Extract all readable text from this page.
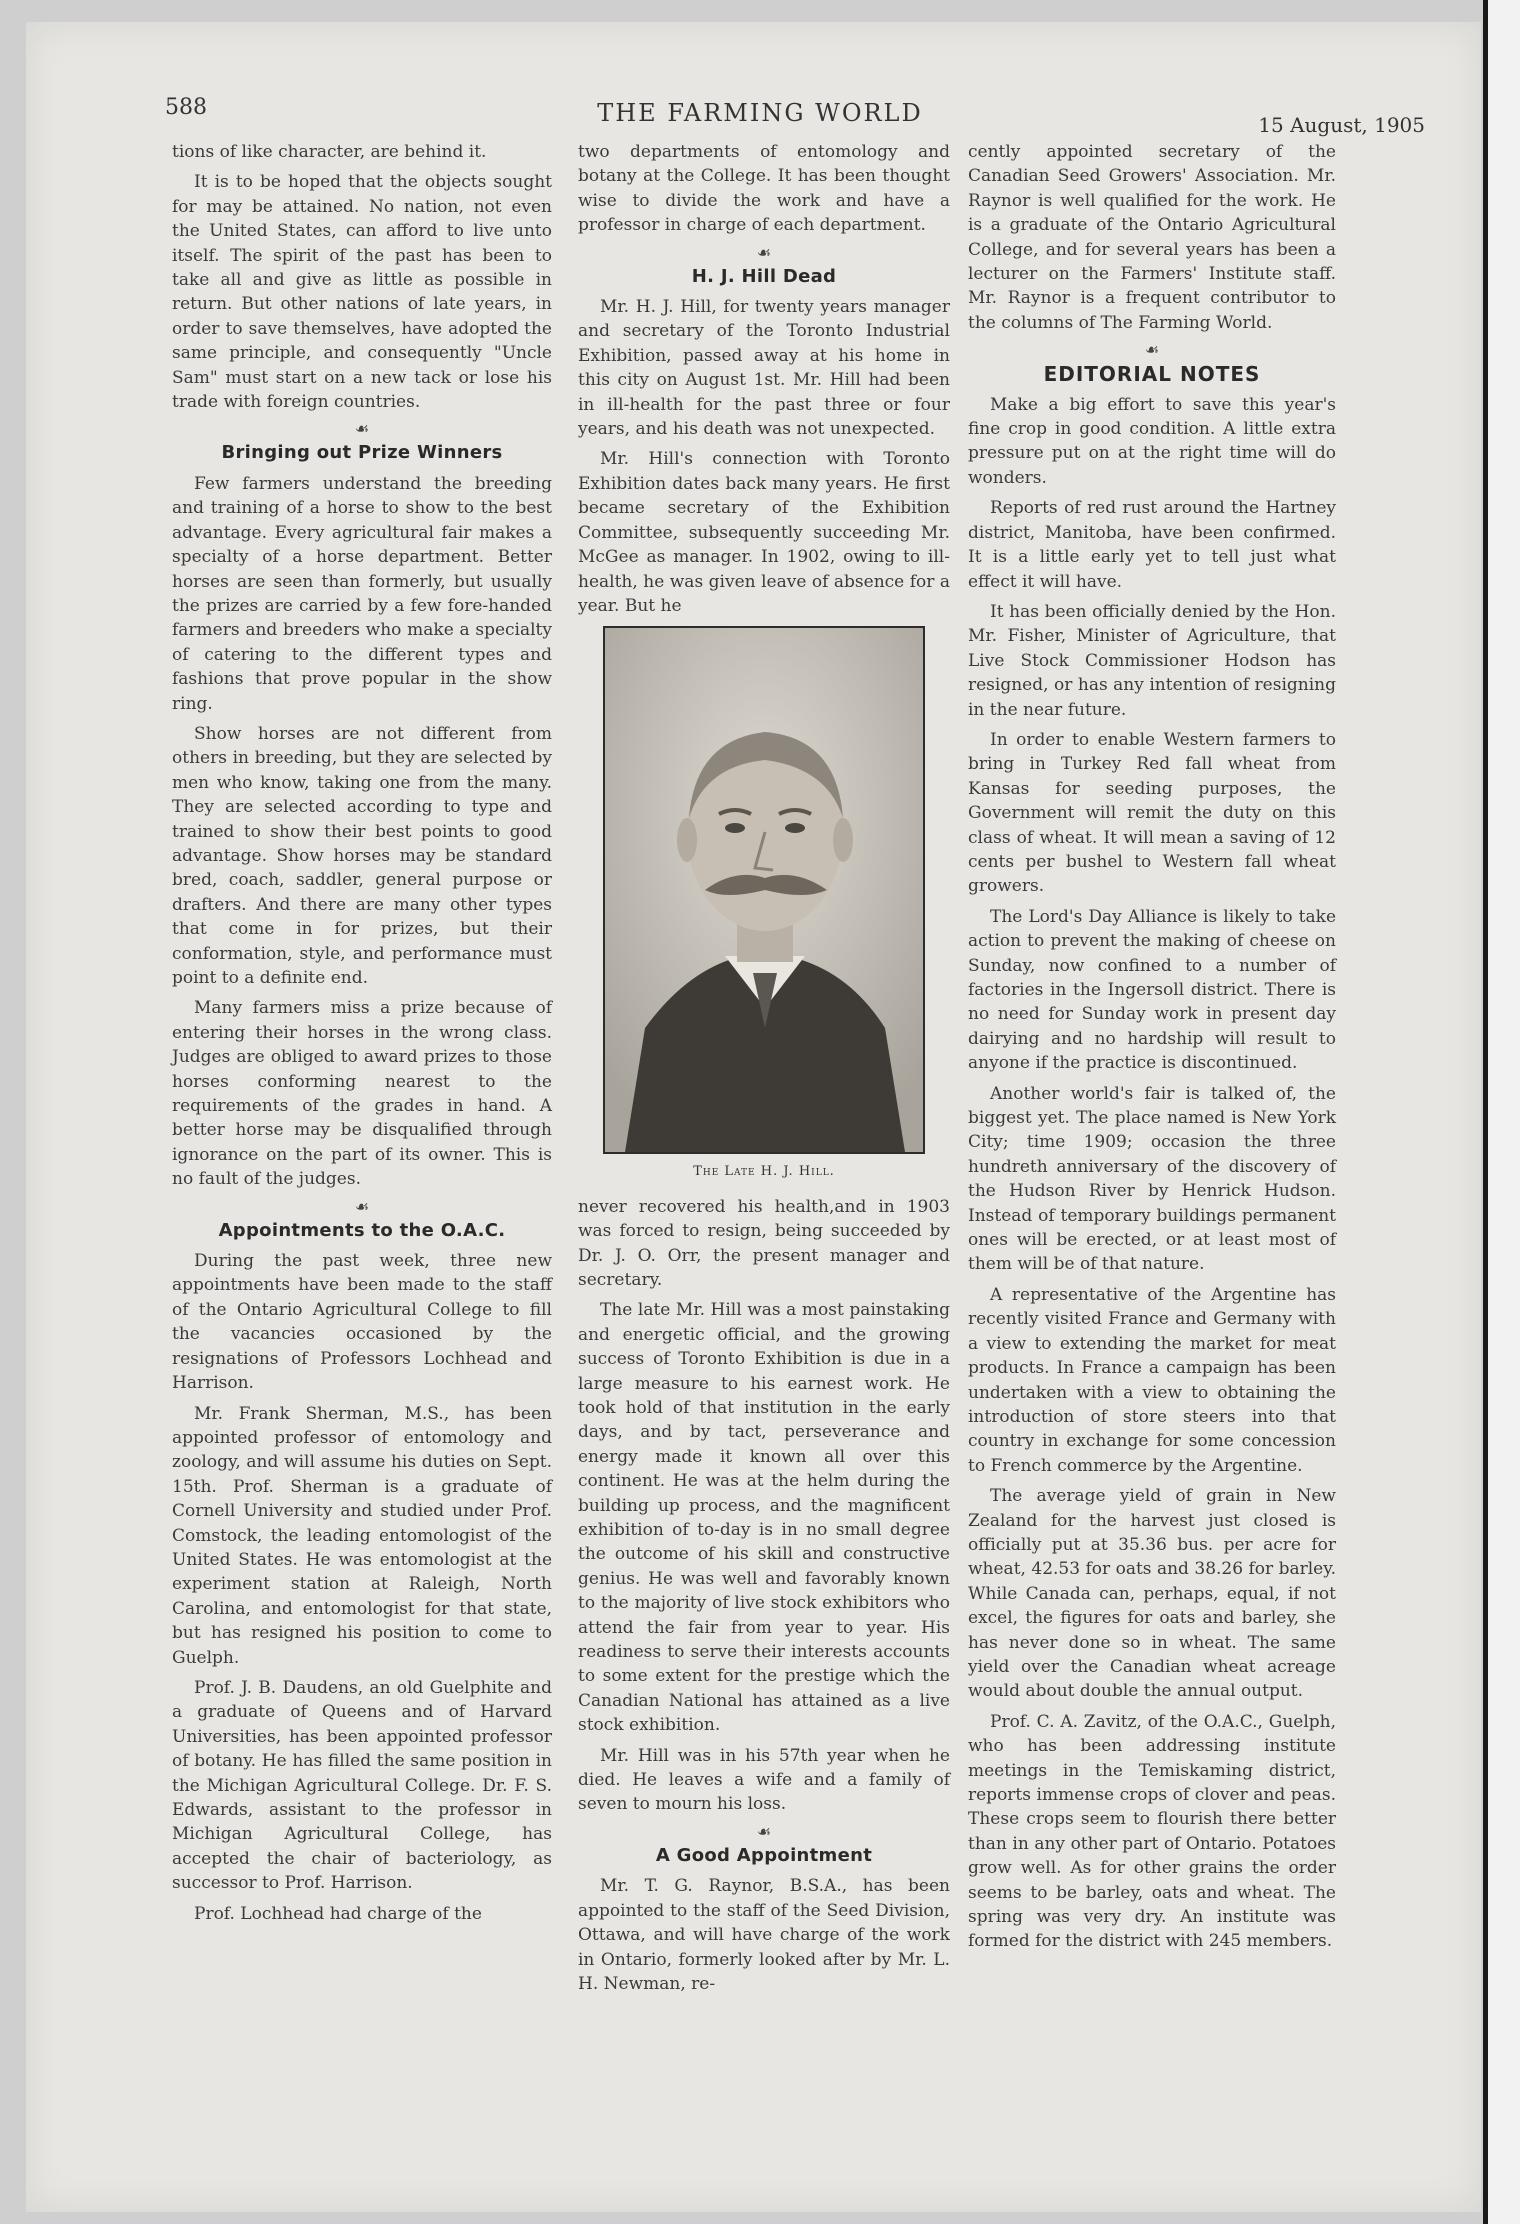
588	THE FARMING WORLD	15 August, 1905

tions of like character, are behind it.

It is to be hoped that the objects sought for may be attained. No nation, not even the United States, can afford to live unto itself. The spirit of the past has been to take all and give as little as possible in return. But other nations of late years, in order to save themselves, have adopted the same principle, and consequently "Uncle Sam" must start on a new tack or lose his trade with foreign countries.

☙
Bringing out Prize Winners

Few farmers understand the breeding and training of a horse to show to the best advantage. Every agricultural fair makes a specialty of a horse department. Better horses are seen than formerly, but usually the prizes are carried by a few fore-handed farmers and breeders who make a specialty of catering to the different types and fashions that prove popular in the show ring.

Show horses are not different from others in breeding, but they are selected by men who know, taking one from the many. They are selected according to type and trained to show their best points to good advantage. Show horses may be standard bred, coach, saddler, general purpose or drafters. And there are many other types that come in for prizes, but their conformation, style, and performance must point to a definite end.

Many farmers miss a prize because of entering their horses in the wrong class. Judges are obliged to award prizes to those horses conforming nearest to the requirements of the grades in hand. A better horse may be disqualified through ignorance on the part of its owner. This is no fault of the judges.

☙
Appointments to the O.A.C.

During the past week, three new appointments have been made to the staff of the Ontario Agricultural College to fill the vacancies occasioned by the resignations of Professors Lochhead and Harrison.

Mr. Frank Sherman, M.S., has been appointed professor of entomology and zoology, and will assume his duties on Sept. 15th. Prof. Sherman is a graduate of Cornell University and studied under Prof. Comstock, the leading entomologist of the United States. He was entomologist at the experiment station at Raleigh, North Carolina, and entomologist for that state, but has resigned his position to come to Guelph.

Prof. J. B. Daudens, an old Guelphite and a graduate of Queens and of Harvard Universities, has been appointed professor of botany. He has filled the same position in the Michigan Agricultural College. Dr. F. S. Edwards, assistant to the professor in Michigan Agricultural College, has accepted the chair of bacteriology, as successor to Prof. Harrison.

Prof. Lochhead had charge of the

two departments of entomology and botany at the College. It has been thought wise to divide the work and have a professor in charge of each department.

☙
H. J. Hill Dead

Mr. H. J. Hill, for twenty years manager and secretary of the Toronto Industrial Exhibition, passed away at his home in this city on August 1st. Mr. Hill had been in ill-health for the past three or four years, and his death was not unexpected.

Mr. Hill's connection with Toronto Exhibition dates back many years. He first became secretary of the Exhibition Committee, subsequently succeeding Mr. McGee as manager. In 1902, owing to ill-health, he was given leave of absence for a year. But he

The Late H. J. Hill.

never recovered his health,and in 1903 was forced to resign, being succeeded by Dr. J. O. Orr, the present manager and secretary.

The late Mr. Hill was a most painstaking and energetic official, and the growing success of Toronto Exhibition is due in a large measure to his earnest work. He took hold of that institution in the early days, and by tact, perseverance and energy made it known all over this continent. He was at the helm during the building up process, and the magnificent exhibition of to-day is in no small degree the outcome of his skill and constructive genius. He was well and favorably known to the majority of live stock exhibitors who attend the fair from year to year. His readiness to serve their interests accounts to some extent for the prestige which the Canadian National has attained as a live stock exhibition.

Mr. Hill was in his 57th year when he died. He leaves a wife and a family of seven to mourn his loss.

☙
A Good Appointment

Mr. T. G. Raynor, B.S.A., has been appointed to the staff of the Seed Division, Ottawa, and will have charge of the work in Ontario, formerly looked after by Mr. L. H. Newman, re-

cently appointed secretary of the Canadian Seed Growers' Association. Mr. Raynor is well qualified for the work. He is a graduate of the Ontario Agricultural College, and for several years has been a lecturer on the Farmers' Institute staff. Mr. Raynor is a frequent contributor to the columns of The Farming World.

☙
EDITORIAL NOTES

Make a big effort to save this year's fine crop in good condition. A little extra pressure put on at the right time will do wonders.

Reports of red rust around the Hartney district, Manitoba, have been confirmed. It is a little early yet to tell just what effect it will have.

It has been officially denied by the Hon. Mr. Fisher, Minister of Agriculture, that Live Stock Commissioner Hodson has resigned, or has any intention of resigning in the near future.

In order to enable Western farmers to bring in Turkey Red fall wheat from Kansas for seeding purposes, the Government will remit the duty on this class of wheat. It will mean a saving of 12 cents per bushel to Western fall wheat growers.

The Lord's Day Alliance is likely to take action to prevent the making of cheese on Sunday, now confined to a number of factories in the Ingersoll district. There is no need for Sunday work in present day dairying and no hardship will result to anyone if the practice is discontinued.

Another world's fair is talked of, the biggest yet. The place named is New York City; time 1909; occasion the three hundreth anniversary of the discovery of the Hudson River by Henrick Hudson. Instead of temporary buildings permanent ones will be erected, or at least most of them will be of that nature.

A representative of the Argentine has recently visited France and Germany with a view to extending the market for meat products. In France a campaign has been undertaken with a view to obtaining the introduction of store steers into that country in exchange for some concession to French commerce by the Argentine.

The average yield of grain in New Zealand for the harvest just closed is officially put at 35.36 bus. per acre for wheat, 42.53 for oats and 38.26 for barley. While Canada can, perhaps, equal, if not excel, the figures for oats and barley, she has never done so in wheat. The same yield over the Canadian wheat acreage would about double the annual output.

Prof. C. A. Zavitz, of the O.A.C., Guelph, who has been addressing institute meetings in the Temiskaming district, reports immense crops of clover and peas. These crops seem to flourish there better than in any other part of Ontario. Potatoes grow well. As for other grains the order seems to be barley, oats and wheat. The spring was very dry. An institute was formed for the district with 245 members.
